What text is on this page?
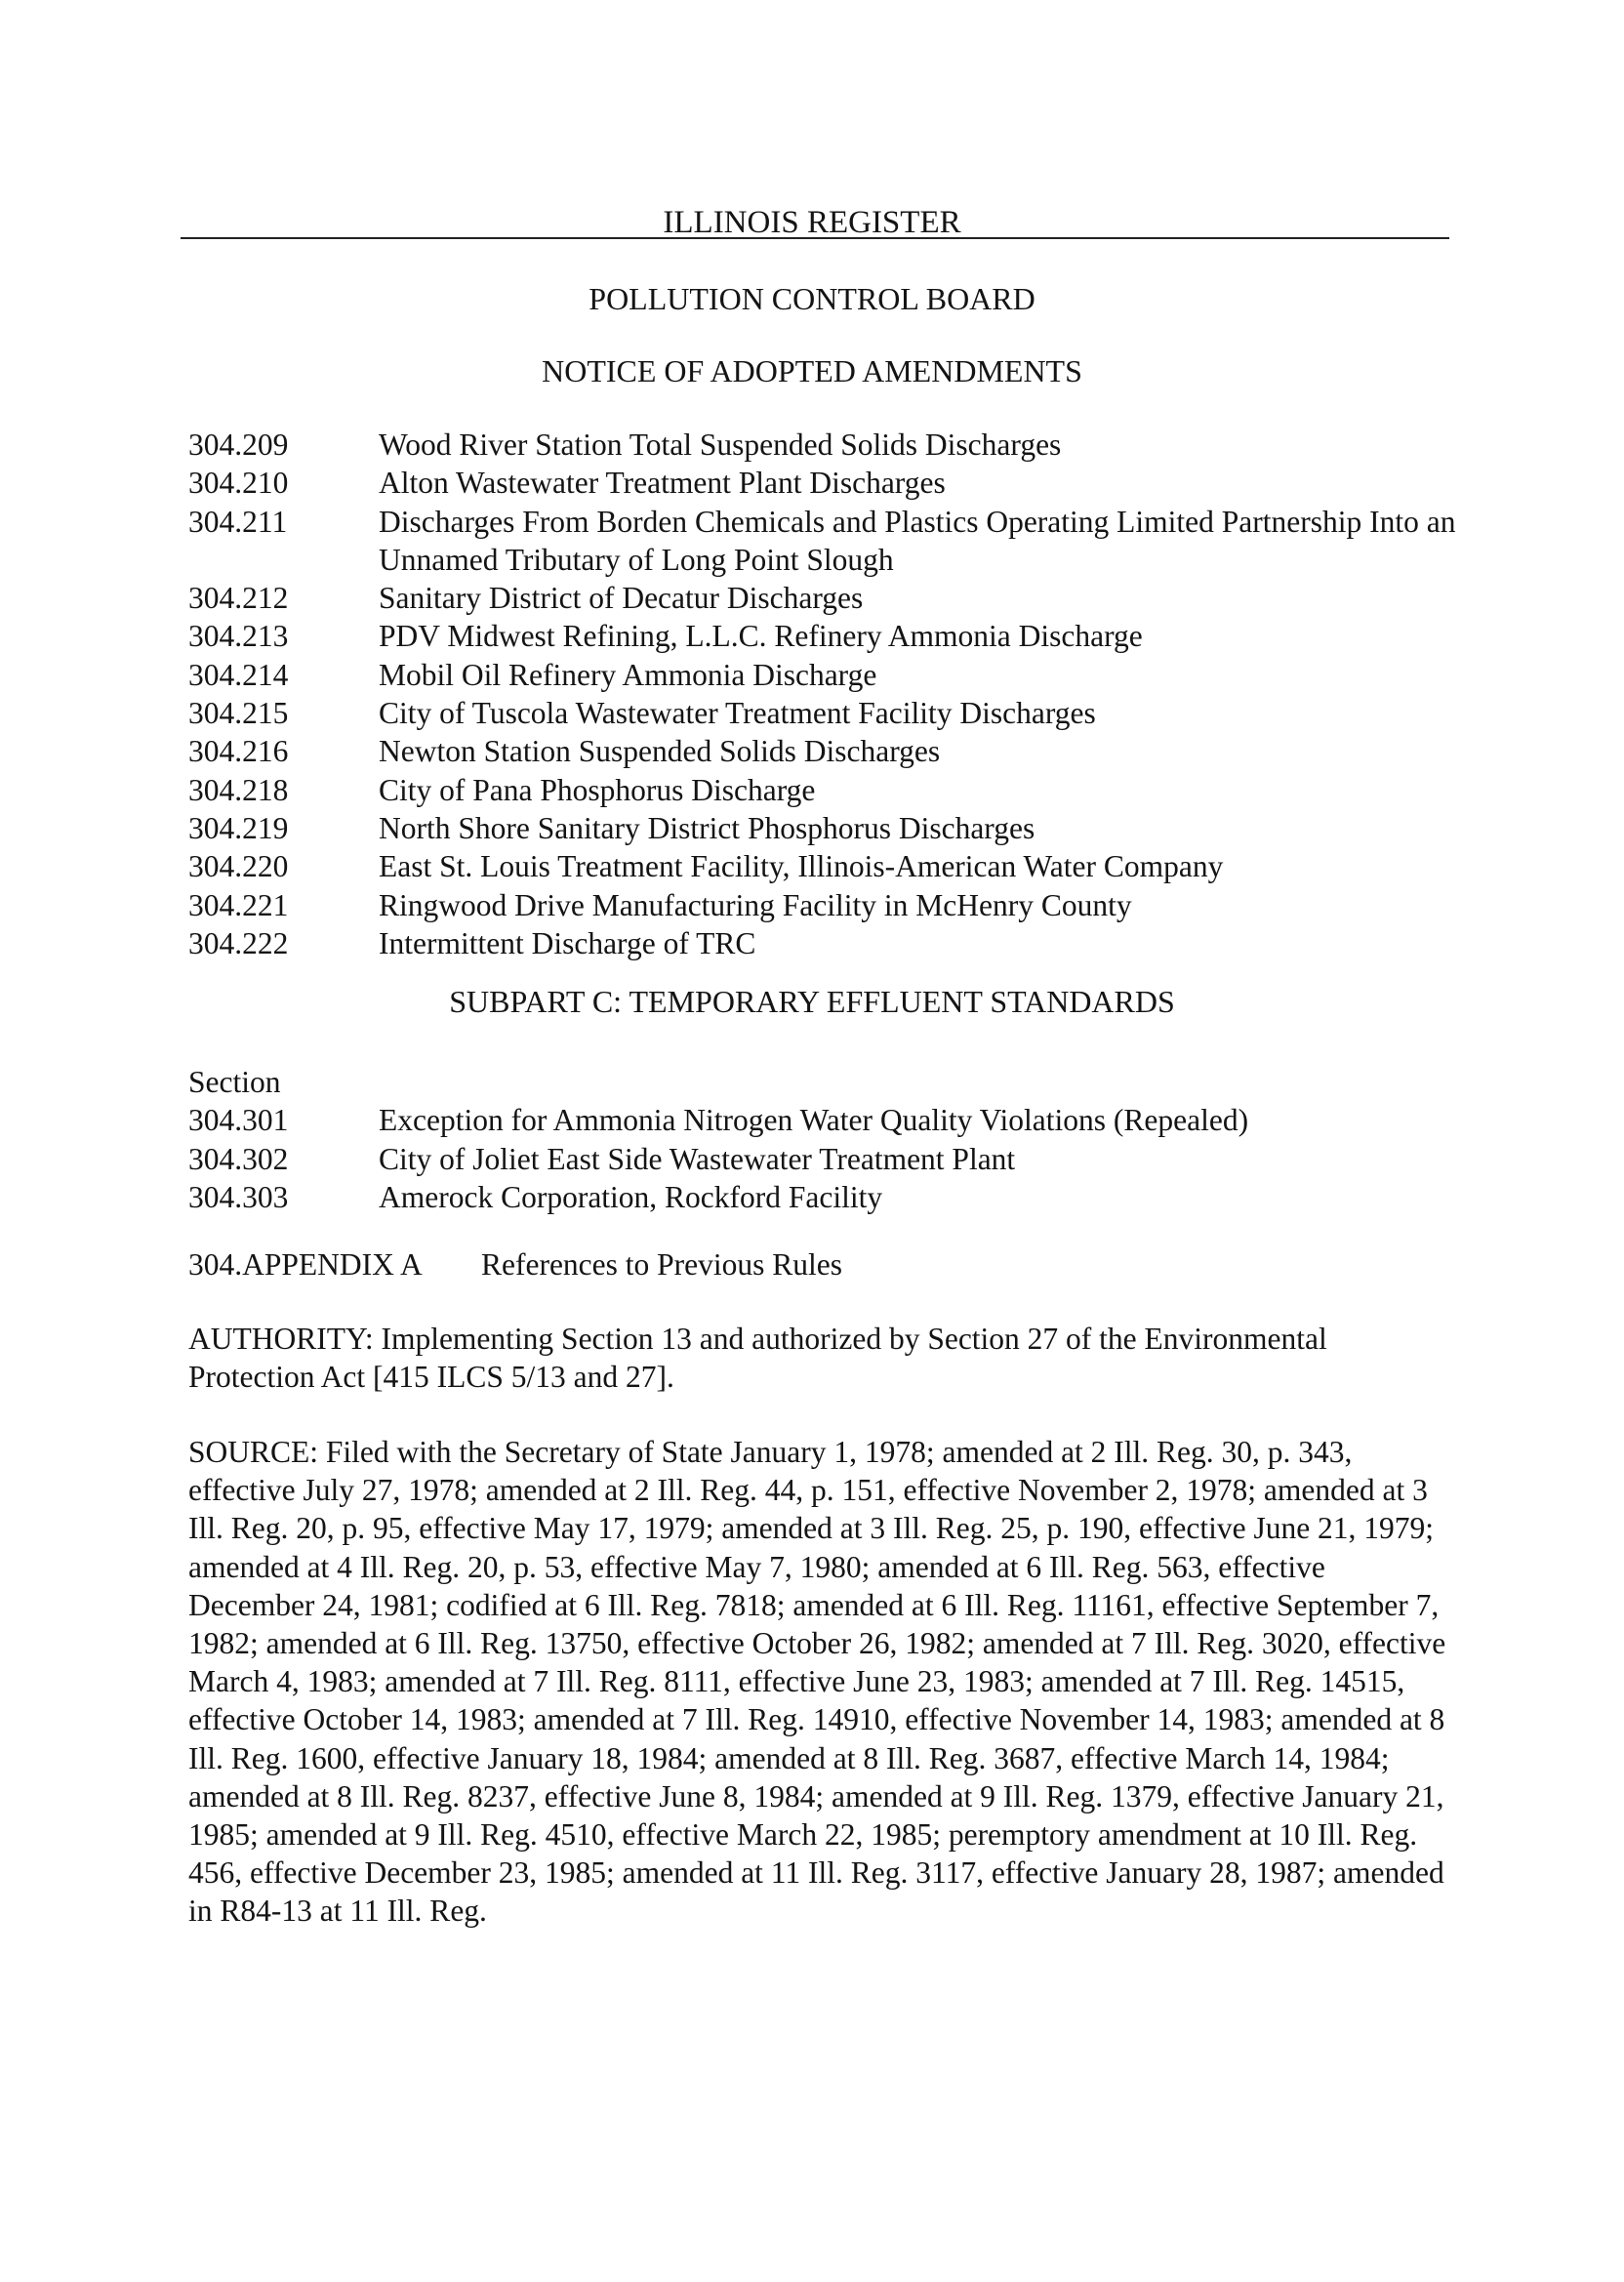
ILLINOIS REGISTER
POLLUTION CONTROL BOARD
NOTICE OF ADOPTED AMENDMENTS
304.209	Wood River Station Total Suspended Solids Discharges
304.210	Alton Wastewater Treatment Plant Discharges
304.211	Discharges From Borden Chemicals and Plastics Operating Limited Partnership Into an Unnamed Tributary of Long Point Slough
304.212	Sanitary District of Decatur Discharges
304.213	PDV Midwest Refining, L.L.C. Refinery Ammonia Discharge
304.214	Mobil Oil Refinery Ammonia Discharge
304.215	City of Tuscola Wastewater Treatment Facility Discharges
304.216	Newton Station Suspended Solids Discharges
304.218	City of Pana Phosphorus Discharge
304.219	North Shore Sanitary District Phosphorus Discharges
304.220	East St. Louis Treatment Facility, Illinois-American Water Company
304.221	Ringwood Drive Manufacturing Facility in McHenry County
304.222	Intermittent Discharge of TRC
SUBPART C: TEMPORARY EFFLUENT STANDARDS
Section
304.301	Exception for Ammonia Nitrogen Water Quality Violations (Repealed)
304.302	City of Joliet East Side Wastewater Treatment Plant
304.303	Amerock Corporation, Rockford Facility
304.APPENDIX A	References to Previous Rules
AUTHORITY: Implementing Section 13 and authorized by Section 27 of the Environmental Protection Act [415 ILCS 5/13 and 27].
SOURCE: Filed with the Secretary of State January 1, 1978; amended at 2 Ill. Reg. 30, p. 343, effective July 27, 1978; amended at 2 Ill. Reg. 44, p. 151, effective November 2, 1978; amended at 3 Ill. Reg. 20, p. 95, effective May 17, 1979; amended at 3 Ill. Reg. 25, p. 190, effective June 21, 1979; amended at 4 Ill. Reg. 20, p. 53, effective May 7, 1980; amended at 6 Ill. Reg. 563, effective December 24, 1981; codified at 6 Ill. Reg. 7818; amended at 6 Ill. Reg. 11161, effective September 7, 1982; amended at 6 Ill. Reg. 13750, effective October 26, 1982; amended at 7 Ill. Reg. 3020, effective March 4, 1983; amended at 7 Ill. Reg. 8111, effective June 23, 1983; amended at 7 Ill. Reg. 14515, effective October 14, 1983; amended at 7 Ill. Reg. 14910, effective November 14, 1983; amended at 8 Ill. Reg. 1600, effective January 18, 1984; amended at 8 Ill. Reg. 3687, effective March 14, 1984; amended at 8 Ill. Reg. 8237, effective June 8, 1984; amended at 9 Ill. Reg. 1379, effective January 21, 1985; amended at 9 Ill. Reg. 4510, effective March 22, 1985; peremptory amendment at 10 Ill. Reg. 456, effective December 23, 1985; amended at 11 Ill. Reg. 3117, effective January 28, 1987; amended in R84-13 at 11 Ill. Reg.
